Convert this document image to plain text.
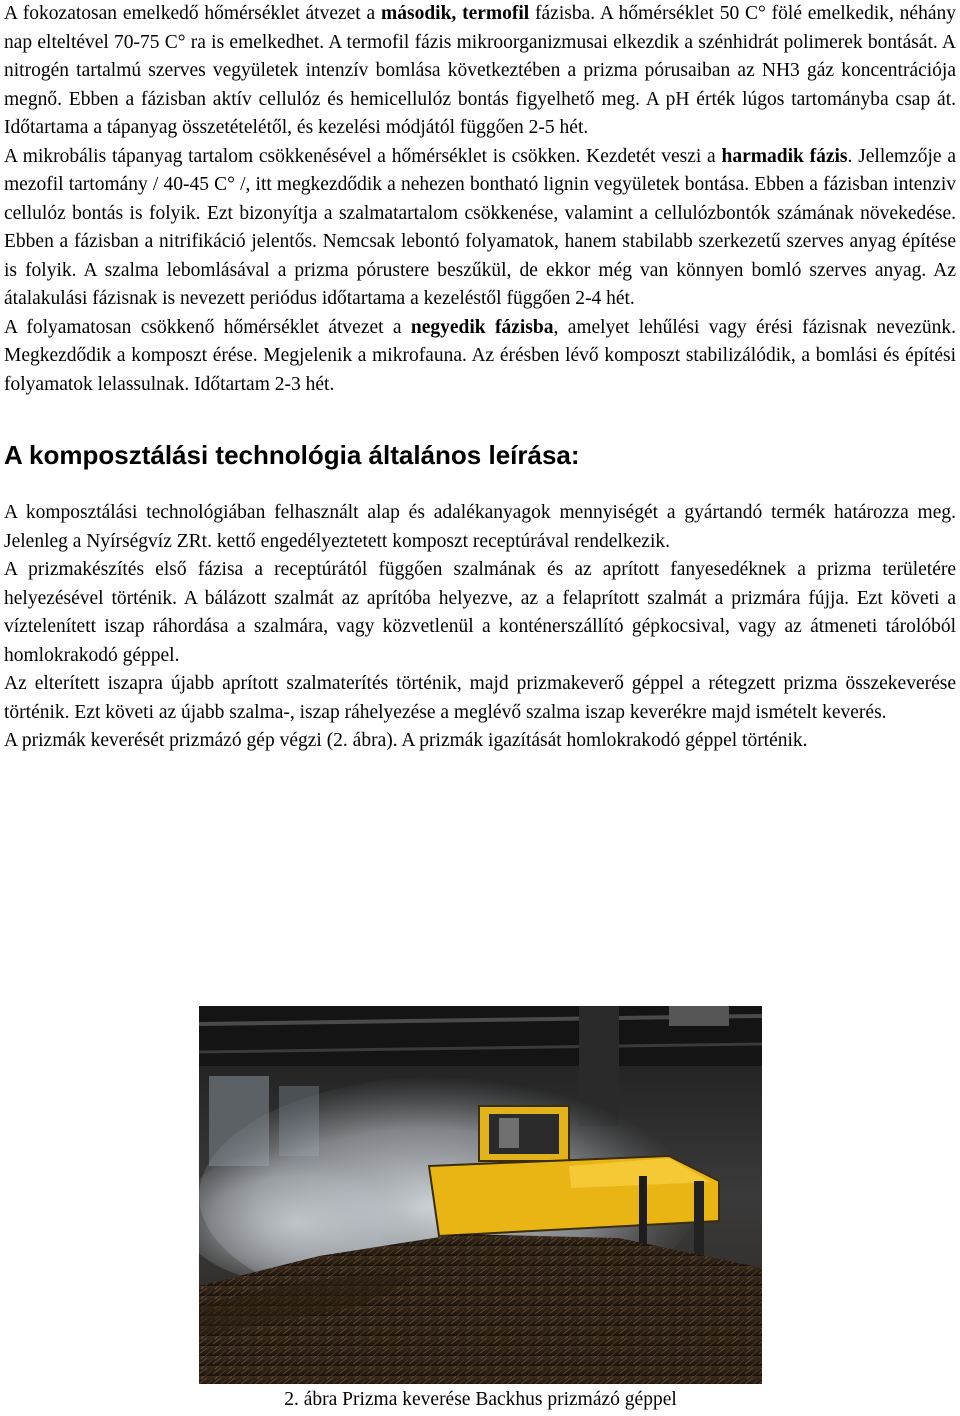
A fokozatosan emelkedő hőmérséklet átvezet a második, termofil fázisba. A hőmérséklet 50 C° fölé emelkedik, néhány nap elteltével 70-75 C° ra is emelkedhet. A termofil fázis mikroorganizmusai elkezdik a szénhidrát polimerek bontását. A nitrogén tartalmú szerves vegyületek intenzív bomlása következtében a prizma pórusaiban az NH3 gáz koncentrációja megnő. Ebben a fázisban aktív cellulóz és hemicellulóz bontás figyelhető meg. A pH érték lúgos tartományba csap át. Időtartama a tápanyag összetételétől, és kezelési módjától függően 2-5 hét.

A mikrobális tápanyag tartalom csökkenésével a hőmérséklet is csökken. Kezdetét veszi a harmadik fázis. Jellemzője a mezofil tartomány / 40-45 C° /, itt megkezdődik a nehezen bontható lignin vegyületek bontása. Ebben a fázisban intenziv cellulóz bontás is folyik. Ezt bizonyítja a szalmatartalom csökkenése, valamint a cellulózbontók számának növekedése. Ebben a fázisban a nitrifikáció jelentős. Nemcsak lebontó folyamatok, hanem stabilabb szerkezetű szerves anyag építése is folyik. A szalma lebomlásával a prizma pórustere beszűkül, de ekkor még van könnyen bomló szerves anyag. Az átalakulási fázisnak is nevezett periódus időtartama a kezeléstől függően 2-4 hét.

A folyamatosan csökkenő hőmérséklet átvezet a negyedik fázisba, amelyet lehűlési vagy érési fázisnak nevezünk. Megkezdődik a komposzt érése. Megjelenik a mikrofauna. Az érésben lévő komposzt stabilizálódik, a bomlási és építési folyamatok lelassulnak. Időtartam 2-3 hét.

A komposztálási technológia általános leírása:

A komposztálási technológiában felhasznált alap és adalékanyagok mennyiségét a gyártandó termék határozza meg. Jelenleg a Nyírségvíz ZRt. kettő engedélyeztetett komposzt receptúrával rendelkezik.

A prizmakészítés első fázisa a receptúrától függően szalmának és az aprított fanyesedéknek a prizma területére helyezésével történik. A bálázott szalmát az aprítóba helyezve, az a felaprított szalmát a prizmára fújja. Ezt követi a víztelenített iszap ráhordása a szalmára, vagy közvetlenül a konténerszállító gépkocsival, vagy az átmeneti tárolóból homlokrakodó géppel.

Az elterített iszapra újabb aprított szalmaterítés történik, majd prizmakeverő géppel a rétegzett prizma összekeverése történik. Ezt követi az újabb szalma-, iszap ráhelyezése a meglévő szalma iszap keverékre majd ismételt keverés.

A prizmák keverését prizmázó gép végzi (2. ábra). A prizmák igazítását homlokrakodó géppel történik.

2. ábra Prizma keverése Backhus prizmázó géppel
